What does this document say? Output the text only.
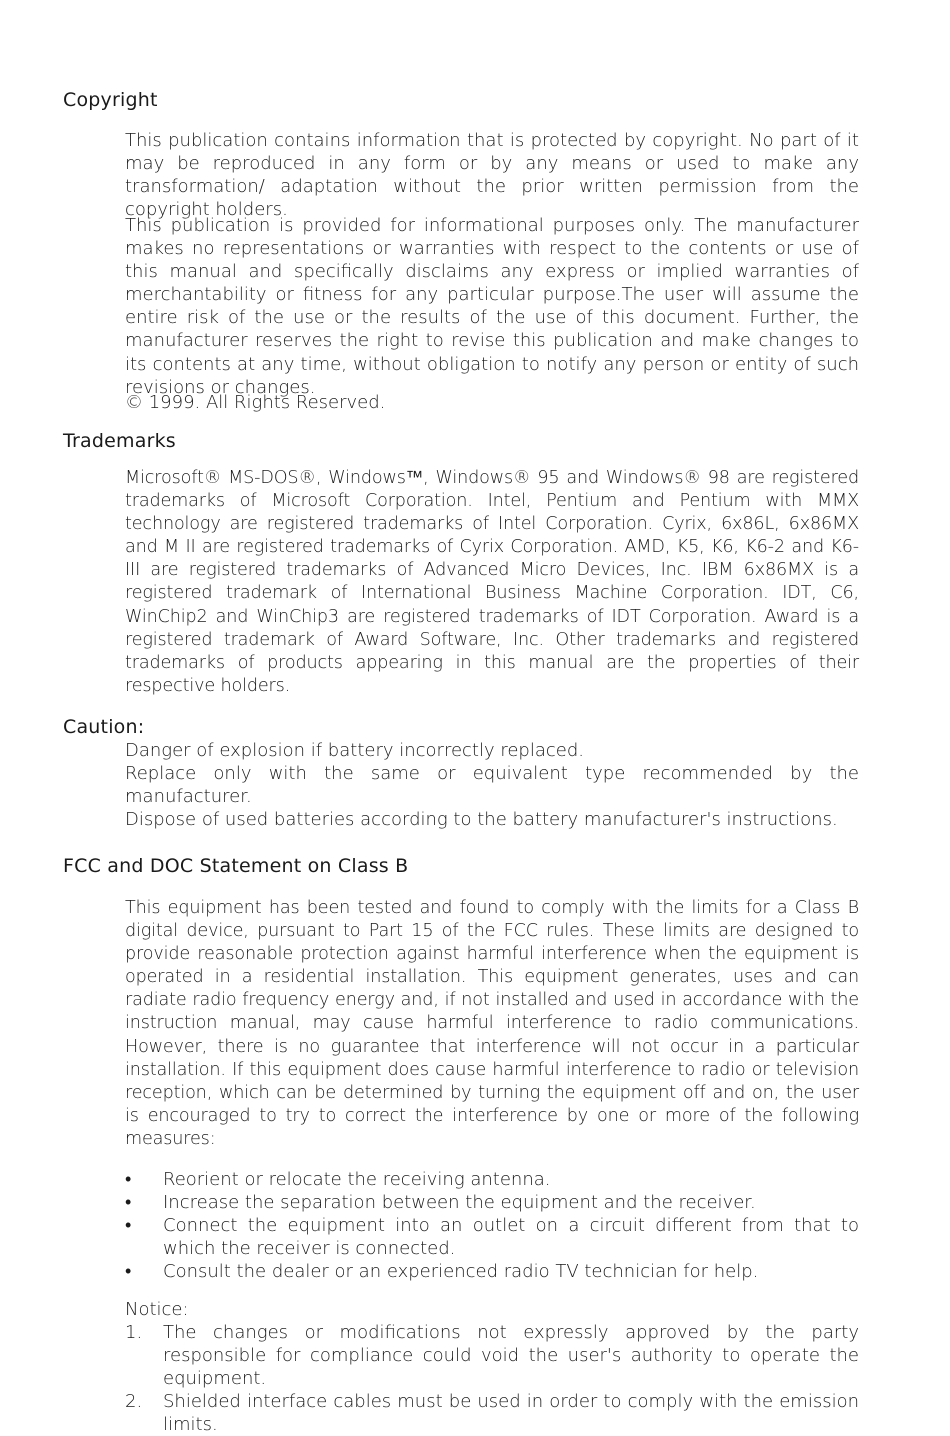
Copyright

This publication contains information that is protected by copyright. No part of it may be reproduced in any form or by any means or used to make any transformation/ adaptation without the prior written permission from the copyright holders.

This publication is provided for informational purposes only. The manufacturer makes no representations or warranties with respect to the contents or use of this manual and specifically disclaims any express or implied warranties of merchantability or fitness for any particular purpose.The user will assume the entire risk of the use or the results of the use of this document. Further, the manufacturer reserves the right to revise this publication and make changes to its contents at any time, without obligation to notify any person or entity of such revisions or changes.

© 1999. All Rights Reserved.

Trademarks

Microsoft® MS-DOS®, Windows™, Windows® 95 and Windows® 98 are registered trademarks of Microsoft Corporation. Intel, Pentium and Pentium with MMX technology are registered trademarks of Intel Corporation. Cyrix, 6x86L, 6x86MX and M II are registered trademarks of Cyrix Corporation. AMD, K5, K6, K6-2 and K6-III are registered trademarks of Advanced Micro Devices, Inc. IBM 6x86MX is a registered trademark of International Business Machine Corporation. IDT, C6, WinChip2 and WinChip3 are registered trademarks of IDT Corporation. Award is a registered trademark of Award Software, Inc. Other trademarks and registered trademarks of products appearing in this manual are the properties of their respective holders.

Caution:
Danger of explosion if battery incorrectly replaced.
Replace only with the same or equivalent type recommended by the manufacturer.
Dispose of used batteries according to the battery manufacturer's instructions.
FCC and DOC Statement on Class B

This equipment has been tested and found to comply with the limits for a Class B digital device, pursuant to Part 15 of the FCC rules. These limits are designed to provide reasonable protection against harmful interference when the equipment is operated in a residential installation. This equipment generates, uses and can radiate radio frequency energy and, if not installed and used in accordance with the instruction manual, may cause harmful interference to radio communications. However, there is no guarantee that interference will not occur in a particular installation. If this equipment does cause harmful interference to radio or television reception, which can be determined by turning the equipment off and on, the user is encouraged to try to correct the interference by one or more of the following measures:

• Reorient or relocate the receiving antenna.
• Increase the separation between the equipment and the receiver.
• Connect the equipment into an outlet on a circuit different from that to which the receiver is connected.
• Consult the dealer or an experienced radio TV technician for help.

Notice:

1. The changes or modifications not expressly approved by the party responsible for compliance could void the user's authority to operate the equipment.
2. Shielded interface cables must be used in order to comply with the emission limits.
